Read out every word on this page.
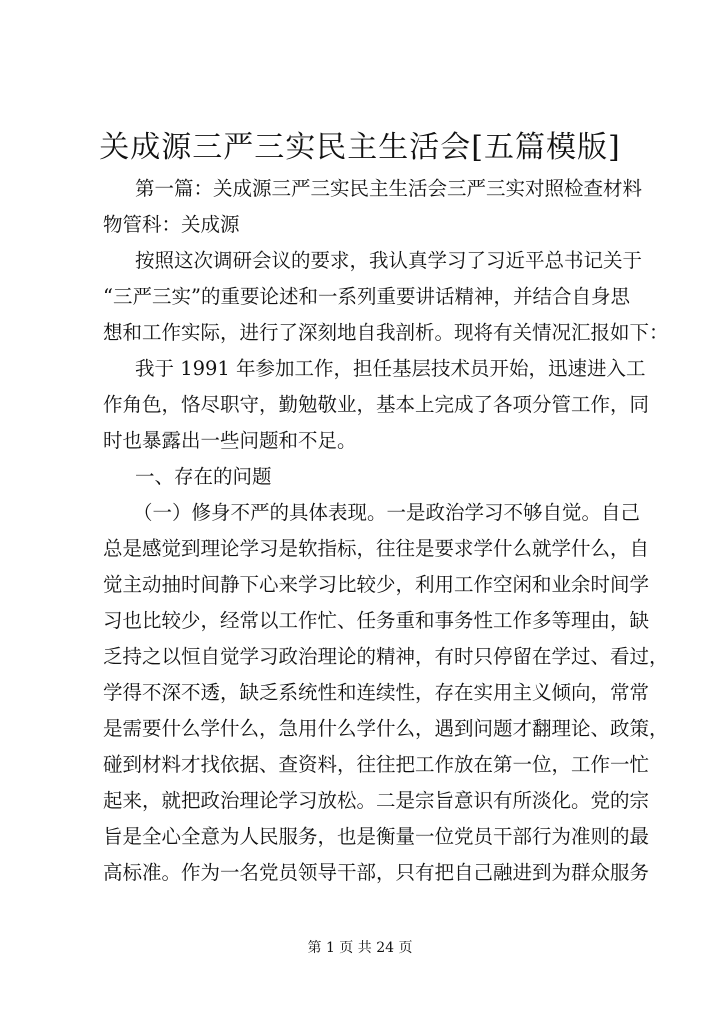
关成源三严三实民主生活会[五篇模版]
第一篇：关成源三严三实民主生活会三严三实对照检查材料
物管科：关成源
按照这次调研会议的要求，我认真学习了习近平总书记关于
“三严三实”的重要论述和一系列重要讲话精神，并结合自身思
想和工作实际，进行了深刻地自我剖析。现将有关情况汇报如下：
我于 1991 年参加工作，担任基层技术员开始，迅速进入工
作角色，恪尽职守，勤勉敬业，基本上完成了各项分管工作，同
时也暴露出一些问题和不足。
一、存在的问题
（一）修身不严的具体表现。一是政治学习不够自觉。自己
总是感觉到理论学习是软指标，往往是要求学什么就学什么，自
觉主动抽时间静下心来学习比较少，利用工作空闲和业余时间学
习也比较少，经常以工作忙、任务重和事务性工作多等理由，缺
乏持之以恒自觉学习政治理论的精神，有时只停留在学过、看过，
学得不深不透，缺乏系统性和连续性，存在实用主义倾向，常常
是需要什么学什么，急用什么学什么，遇到问题才翻理论、政策，
碰到材料才找依据、查资料，往往把工作放在第一位，工作一忙
起来，就把政治理论学习放松。二是宗旨意识有所淡化。党的宗
旨是全心全意为人民服务，也是衡量一位党员干部行为准则的最
高标准。作为一名党员领导干部，只有把自己融进到为群众服务
第 1 页 共 24 页
